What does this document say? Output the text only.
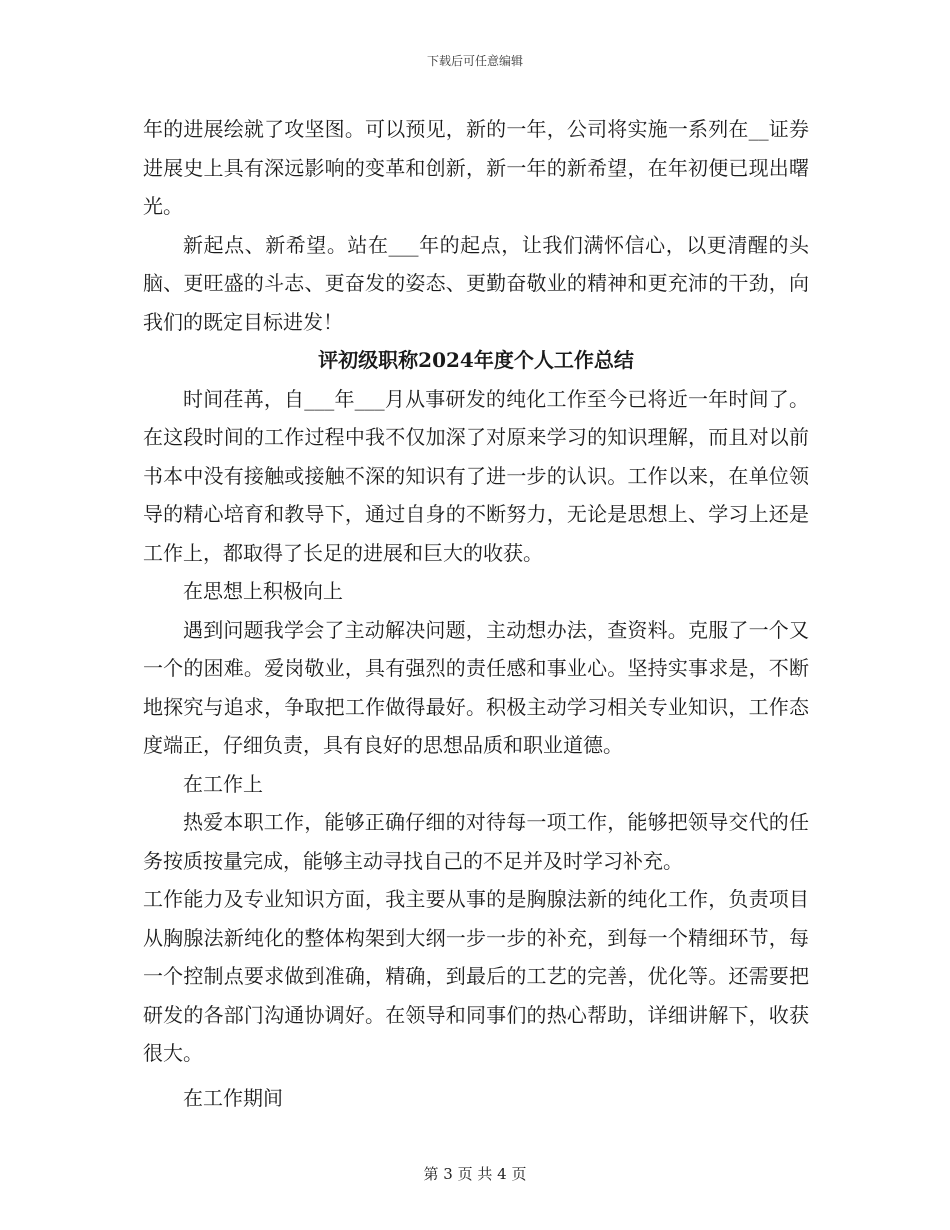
下载后可任意编辑

年的进展绘就了攻坚图。可以预见，新的一年，公司将实施一系列在__证券进展史上具有深远影响的变革和创新，新一年的新希望，在年初便已现出曙光。

新起点、新希望。站在___年的起点，让我们满怀信心，以更清醒的头脑、更旺盛的斗志、更奋发的姿态、更勤奋敬业的精神和更充沛的干劲，向我们的既定目标进发！

评初级职称2024年度个人工作总结

时间荏苒，自___年___月从事研发的纯化工作至今已将近一年时间了。在这段时间的工作过程中我不仅加深了对原来学习的知识理解，而且对以前书本中没有接触或接触不深的知识有了进一步的认识。工作以来，在单位领导的精心培育和教导下，通过自身的不断努力，无论是思想上、学习上还是工作上，都取得了长足的进展和巨大的收获。

在思想上积极向上

遇到问题我学会了主动解决问题，主动想办法，查资料。克服了一个又一个的困难。爱岗敬业，具有强烈的责任感和事业心。坚持实事求是，不断地探究与追求，争取把工作做得最好。积极主动学习相关专业知识，工作态度端正，仔细负责，具有良好的思想品质和职业道德。

在工作上

热爱本职工作，能够正确仔细的对待每一项工作，能够把领导交代的任务按质按量完成，能够主动寻找自己的不足并及时学习补充。

工作能力及专业知识方面，我主要从事的是胸腺法新的纯化工作，负责项目从胸腺法新纯化的整体构架到大纲一步一步的补充，到每一个精细环节，每一个控制点要求做到准确，精确，到最后的工艺的完善，优化等。还需要把研发的各部门沟通协调好。在领导和同事们的热心帮助，详细讲解下，收获很大。

在工作期间

第 3 页 共 4 页
